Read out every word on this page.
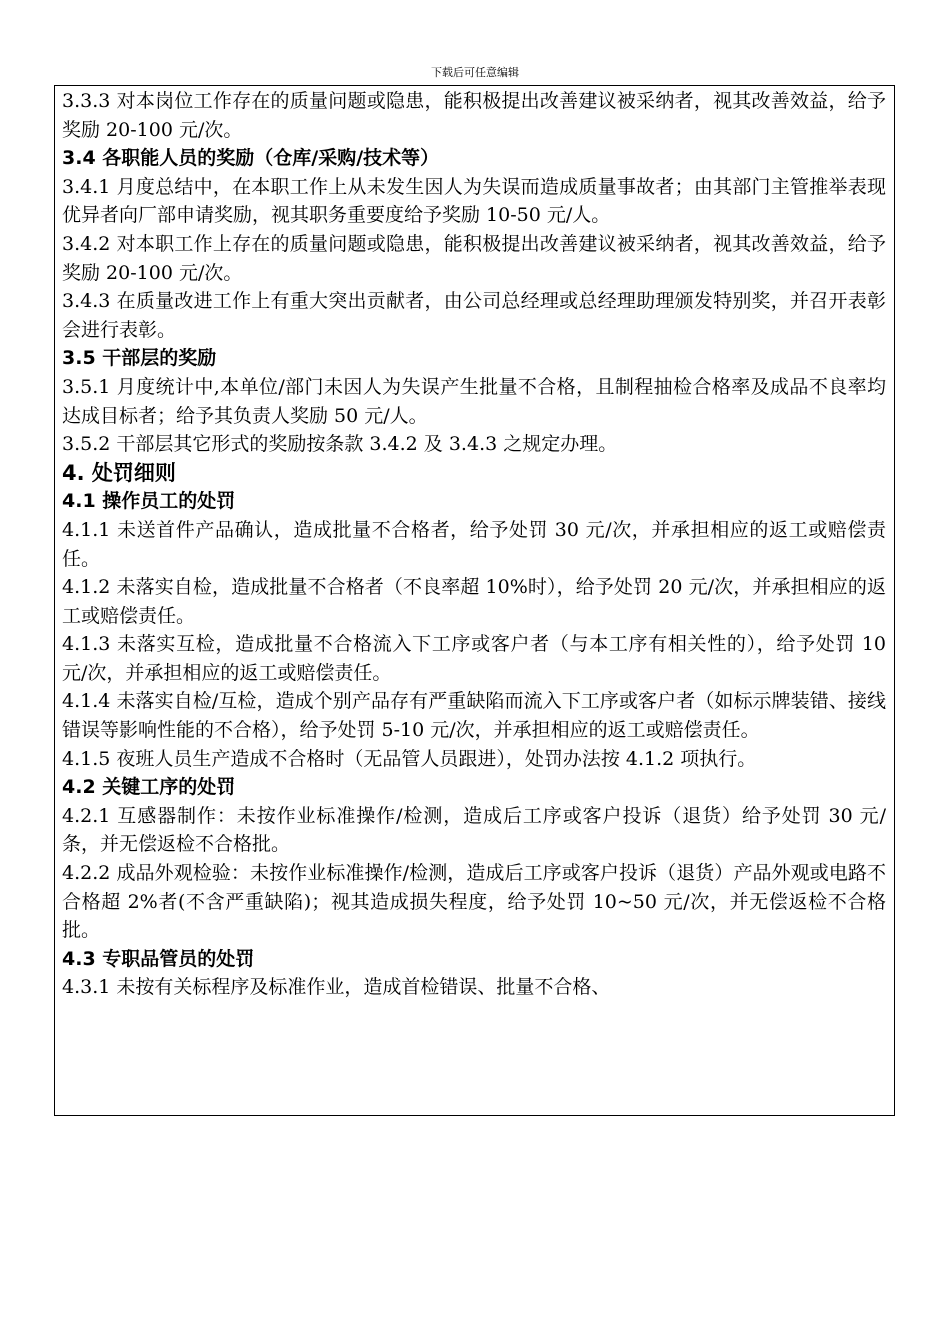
下载后可任意编辑

3.3.3 对本岗位工作存在的质量问题或隐患，能积极提出改善建议被采纳者，视其改善效益，给予奖励 20-100 元/次。

3.4 各职能人员的奖励（仓库/采购/技术等）

3.4.1 月度总结中，在本职工作上从未发生因人为失误而造成质量事故者；由其部门主管推举表现优异者向厂部申请奖励，视其职务重要度给予奖励 10-50 元/人。

3.4.2 对本职工作上存在的质量问题或隐患，能积极提出改善建议被采纳者，视其改善效益，给予奖励 20-100 元/次。

3.4.3 在质量改进工作上有重大突出贡献者，由公司总经理或总经理助理颁发特别奖，并召开表彰会进行表彰。

3.5 干部层的奖励

3.5.1 月度统计中,本单位/部门未因人为失误产生批量不合格，且制程抽检合格率及成品不良率均达成目标者；给予其负责人奖励 50 元/人。

3.5.2 干部层其它形式的奖励按条款 3.4.2 及 3.4.3 之规定办理。

4. 处罚细则

4.1 操作员工的处罚

4.1.1 未送首件产品确认，造成批量不合格者，给予处罚 30 元/次，并承担相应的返工或赔偿责任。

4.1.2 未落实自检，造成批量不合格者（不良率超 10%时），给予处罚 20 元/次，并承担相应的返工或赔偿责任。

4.1.3 未落实互检，造成批量不合格流入下工序或客户者（与本工序有相关性的），给予处罚 10 元/次，并承担相应的返工或赔偿责任。

4.1.4 未落实自检/互检，造成个别产品存有严重缺陷而流入下工序或客户者（如标示牌装错、接线错误等影响性能的不合格），给予处罚 5-10 元/次，并承担相应的返工或赔偿责任。

4.1.5 夜班人员生产造成不合格时（无品管人员跟进），处罚办法按 4.1.2 项执行。

4.2 关键工序的处罚

4.2.1 互感器制作：未按作业标准操作/检测，造成后工序或客户投诉（退货）给予处罚 30 元/条，并无偿返检不合格批。

4.2.2 成品外观检验：未按作业标准操作/检测，造成后工序或客户投诉（退货）产品外观或电路不合格超 2%者(不含严重缺陷)；视其造成损失程度，给予处罚 10~50 元/次，并无偿返检不合格批。

4.3 专职品管员的处罚

4.3.1 未按有关标程序及标准作业，造成首检错误、批量不合格、
